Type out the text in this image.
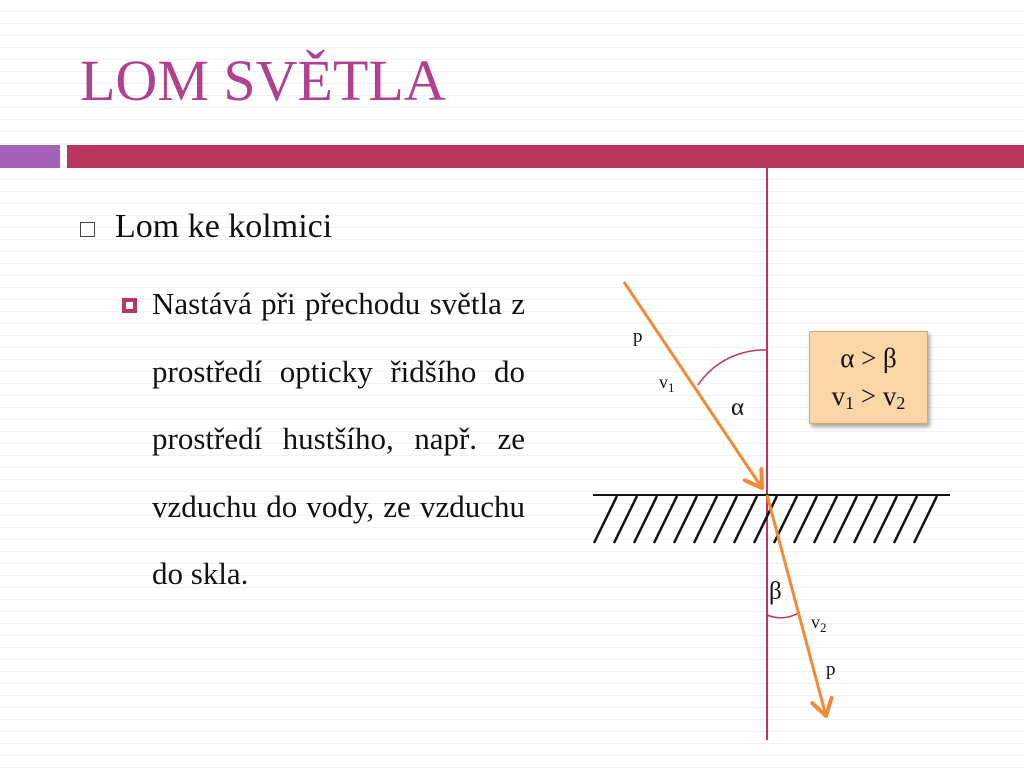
LOM SVĚTLA
Lom ke kolmici
Nastává při přechodu světla z prostředí opticky řidšího do prostředí hustšího, např. ze vzduchu do vody, ze vzduchu do skla.
p
$v_1$
α
β
$v_2$
p
α > β
$v_1 > v_2$
